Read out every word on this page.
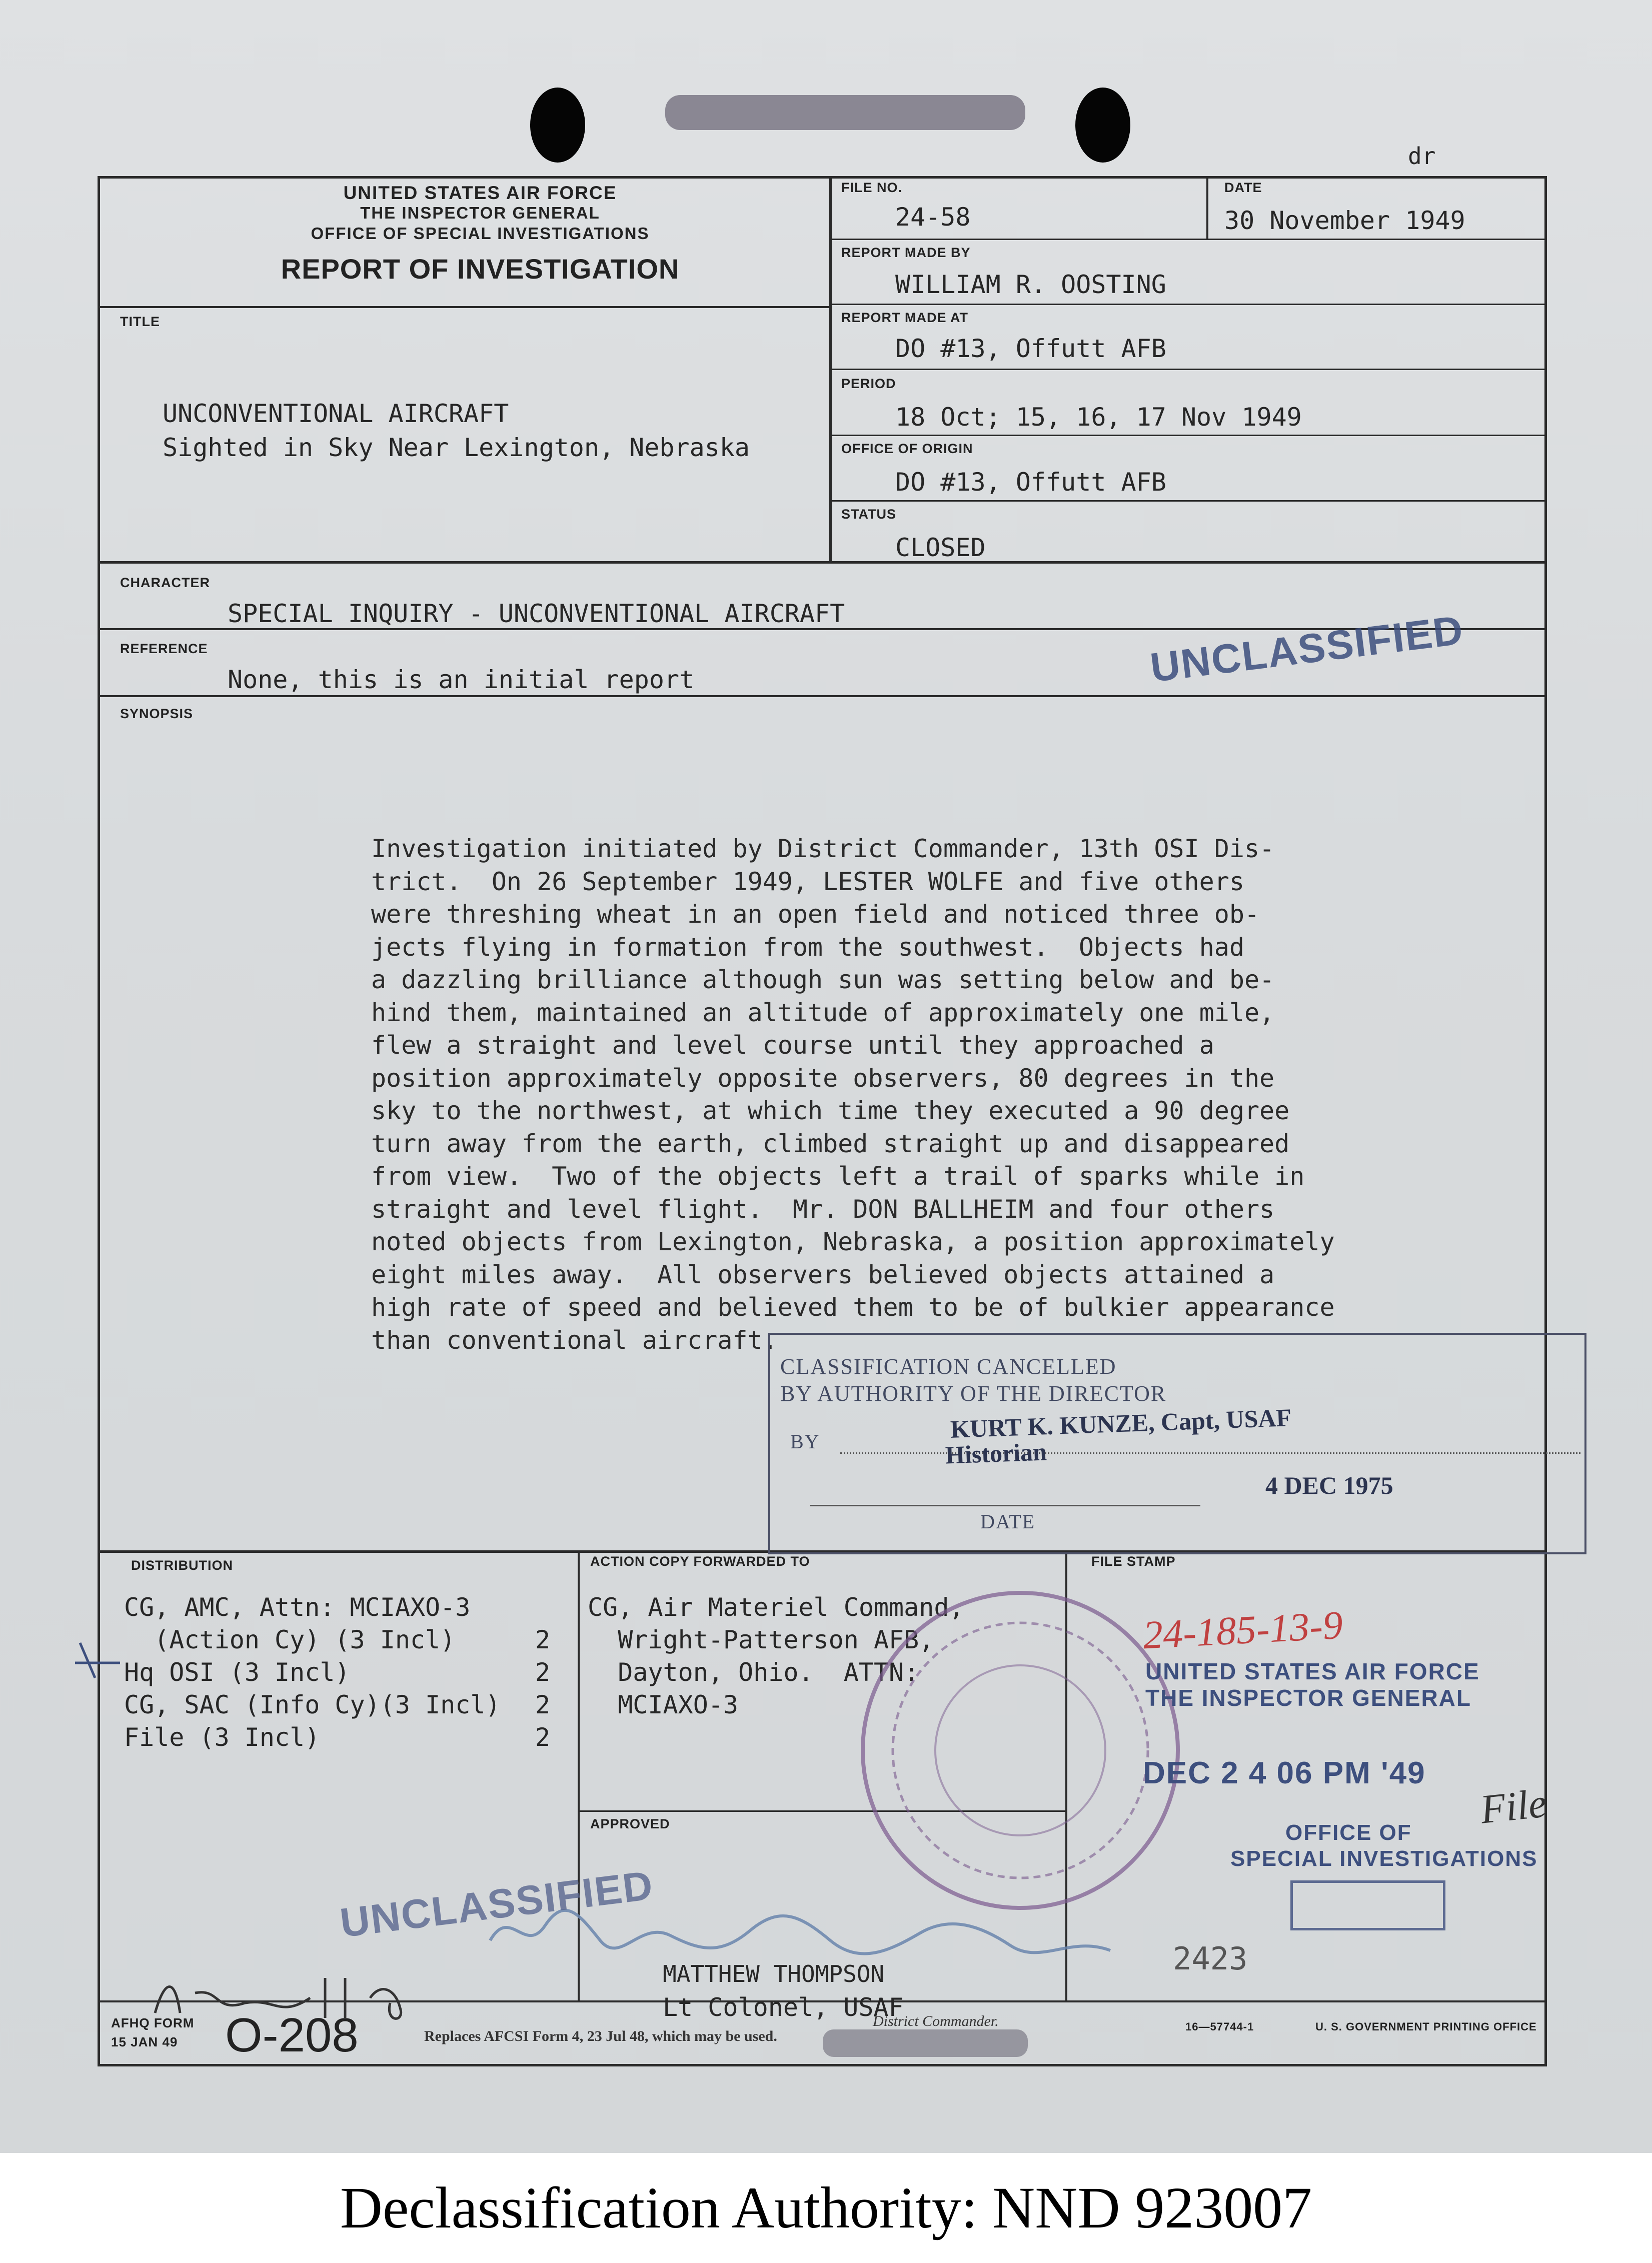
dr
UNITED STATES AIR FORCE
THE INSPECTOR GENERAL
OFFICE OF SPECIAL INVESTIGATIONS
REPORT OF INVESTIGATION
FILE NO.
24-58
DATE
30 November 1949
REPORT MADE BY
WILLIAM R. OOSTING
REPORT MADE AT
DO #13, Offutt AFB
PERIOD
18 Oct; 15, 16, 17 Nov 1949
OFFICE OF ORIGIN
DO #13, Offutt AFB
STATUS
CLOSED
TITLE
UNCONVENTIONAL AIRCRAFT
Sighted in Sky Near Lexington, Nebraska
CHARACTER
SPECIAL INQUIRY - UNCONVENTIONAL AIRCRAFT
REFERENCE
None, this is an initial report	UNCLASSIFIED
SYNOPSIS
Investigation initiated by District Commander, 13th OSI Dis-
trict.  On 26 September 1949, LESTER WOLFE and five others
were threshing wheat in an open field and noticed three ob-
jects flying in formation from the southwest.  Objects had
a dazzling brilliance although sun was setting below and be-
hind them, maintained an altitude of approximately one mile,
flew a straight and level course until they approached a
position approximately opposite observers, 80 degrees in the
sky to the northwest, at which time they executed a 90 degree
turn away from the earth, climbed straight up and disappeared
from view.  Two of the objects left a trail of sparks while in
straight and level flight.  Mr. DON BALLHEIM and four others
noted objects from Lexington, Nebraska, a position approximately
eight miles away.  All observers believed objects attained a
high rate of speed and believed them to be of bulkier appearance
than conventional aircraft.
CLASSIFICATION CANCELLED
BY AUTHORITY OF THE DIRECTOR
BY	KURT K. KUNZE, Capt, USAF
Historian
4 DEC 1975
DATE
DISTRIBUTION
CG, AMC, Attn: MCIAXO-3
(Action Cy) (3 Incl)	2
Hq OSI (3 Incl)	2
CG, SAC (Info Cy)(3 Incl) 2
File (3 Incl)	2
ACTION COPY FORWARDED TO
CG, Air Materiel Command,
Wright-Patterson AFB,
Dayton, Ohio.  ATTN:
MCIAXO-3
FILE STAMP
24-185-13-9
UNITED STATES AIR FORCE
THE INSPECTOR GENERAL
DEC 2 4 06 PM '49
OFFICE OF
SPECIAL INVESTIGATIONS
2423
File
APPROVED
MATTHEW THOMPSON
Lt Colonel, USAF
District Commander.
UNCLASSIFIED
AFHQ FORM
15 JAN 49 O-208	Replaces AFCSI Form 4, 23 Jul 48, which may be used.
16—57744-1	U. S. GOVERNMENT PRINTING OFFICE
Declassification Authority: NND 923007
